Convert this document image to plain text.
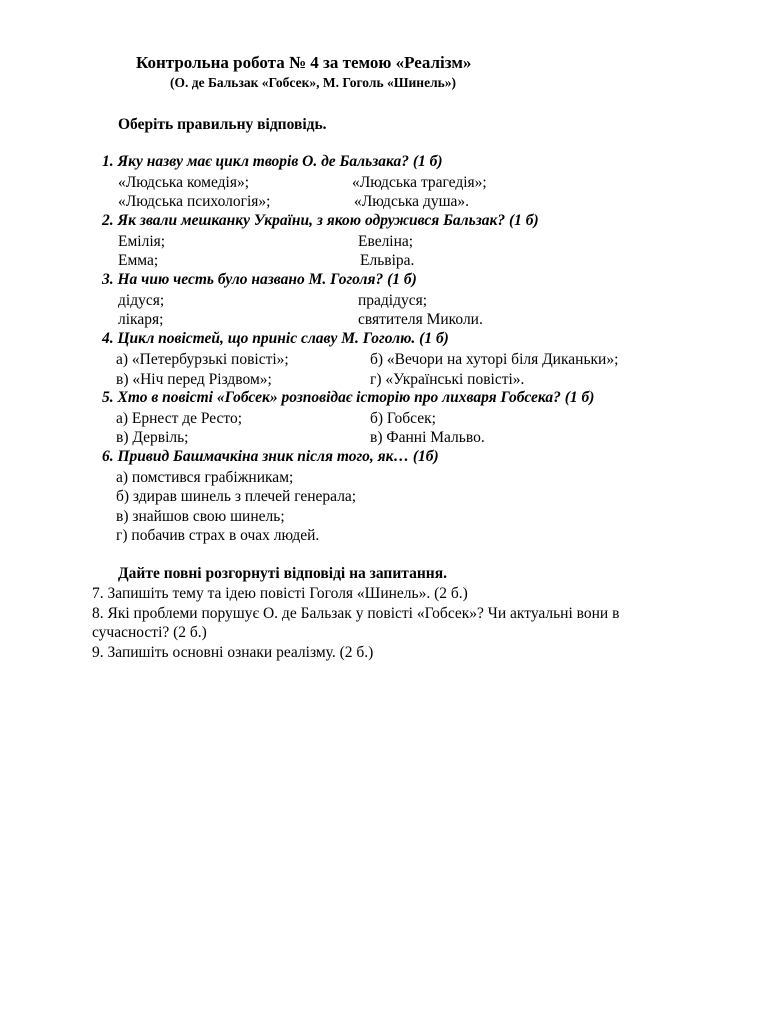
Контрольна робота № 4 за темою «Реалізм»
(О. де Бальзак «Гобсек», М. Гоголь «Шинель»)
Оберіть правильну відповідь.
1. Яку назву має цикл творів О. де Бальзака? (1 б)
«Людська комедія»;	«Людська трагедія»;
«Людська психологія»;	«Людська душа».
2. Як звали мешканку України, з якою одружився Бальзак? (1 б)
Емілія;	Евеліна;
Емма;	Ельвіра.
3. На чию честь було названо М. Гоголя? (1 б)
дідуся;	прадідуся;
лікаря;	святителя Миколи.
4. Цикл повістей, що приніс славу М. Гоголю. (1 б)
а) «Петербурзькі повісті»;	б) «Вечори на хуторі біля Диканьки»;
в) «Ніч перед Різдвом»;	г) «Українські повісті».
5. Хто в повісті «Гобсек» розповідає історію про лихваря Гобсека? (1 б)
а) Ернест де Ресто;	б) Гобсек;
в) Дервіль;	в) Фанні Мальво.
6. Привид Башмачкіна зник після того, як… (1б)
а) помстився грабіжникам;
б) здирав шинель з плечей генерала;
в) знайшов свою шинель;
г) побачив страх в очах людей.
Дайте повні розгорнуті відповіді на запитання.
7. Запишіть тему та ідею повісті Гоголя «Шинель». (2 б.)
8. Які проблеми порушує О. де Бальзак у повісті «Гобсек»? Чи актуальні вони в
сучасності? (2 б.)
9. Запишіть основні ознаки реалізму. (2 б.)
